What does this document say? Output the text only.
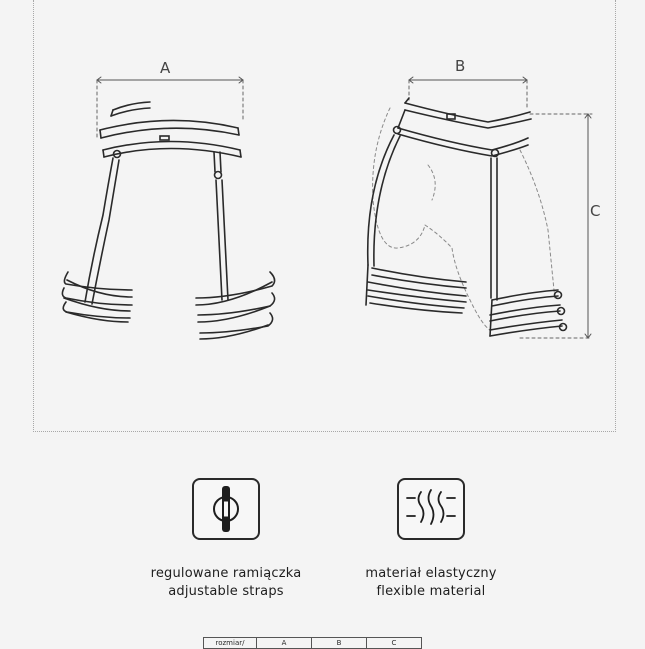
A	B
C
regulowane ramiączka
adjustable straps
materiał elastyczny
flexible material
rozmiar/	A	B	C
